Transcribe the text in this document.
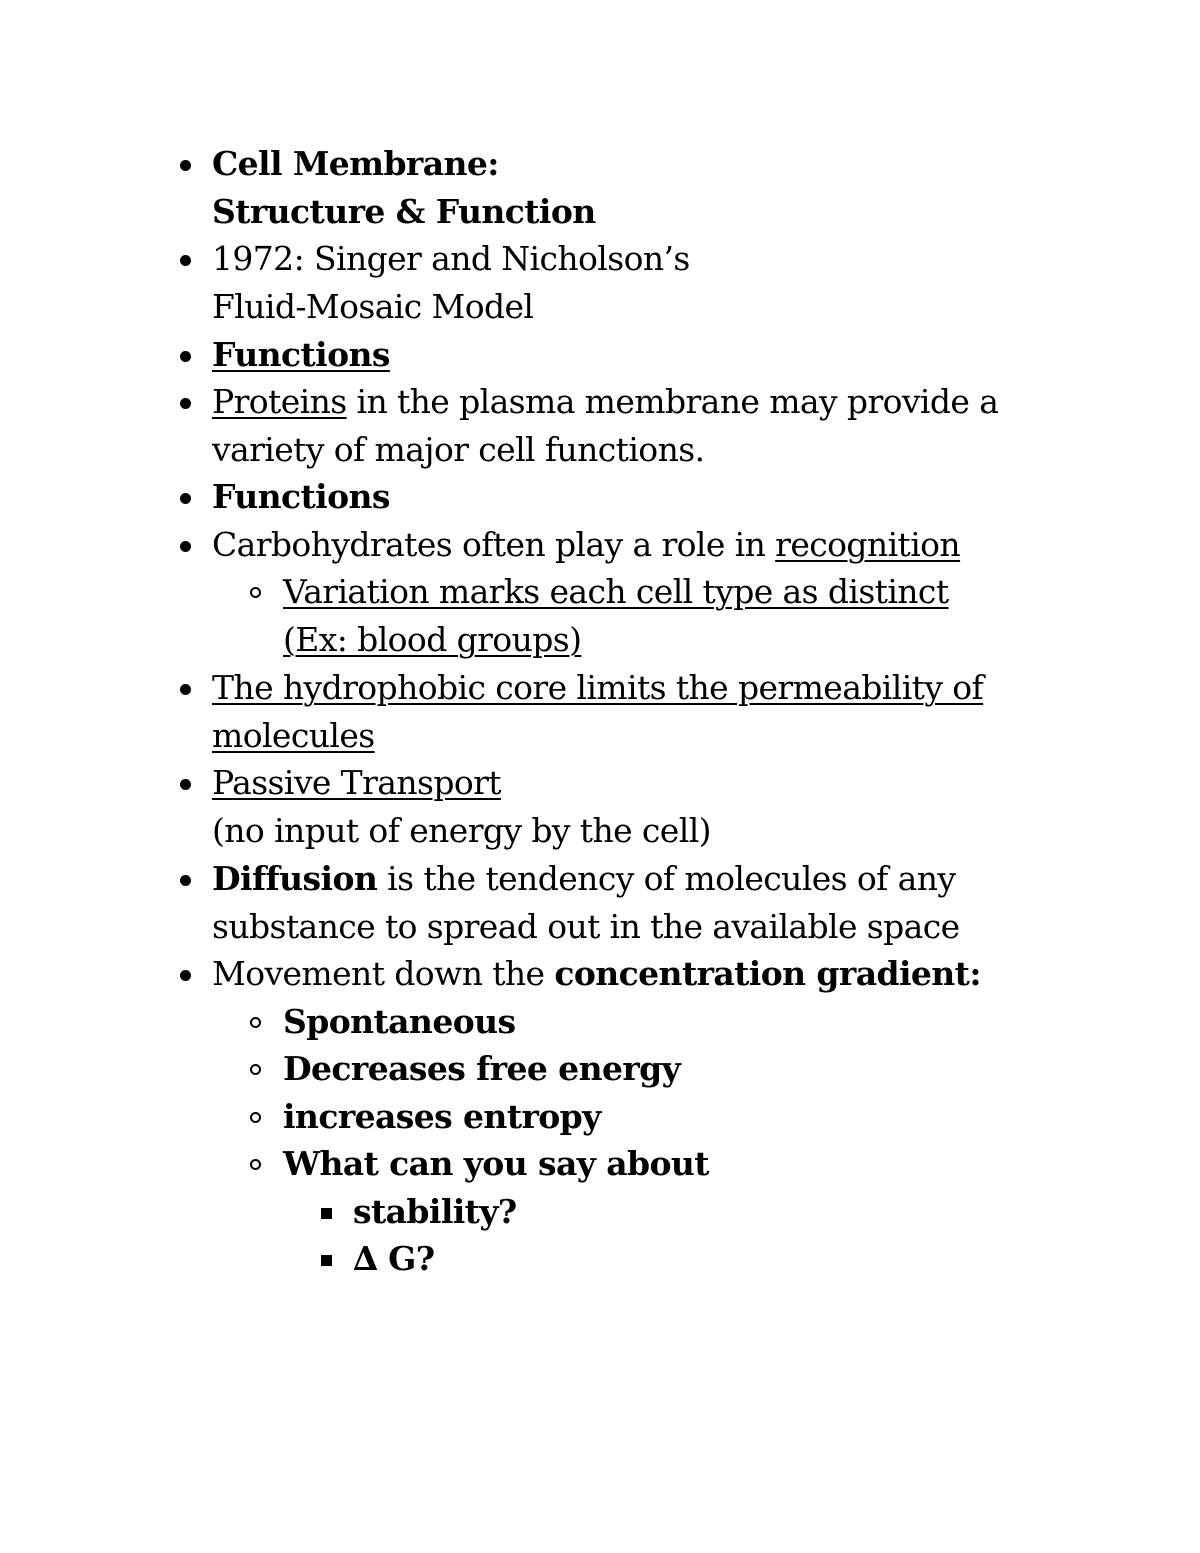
Cell Membrane:
Structure & Function
1972: Singer and Nicholson’s
Fluid-Mosaic Model
Functions
Proteins in the plasma membrane may provide a
variety of major cell functions.
Functions
Carbohydrates often play a role in recognition
Variation marks each cell type as distinct
(Ex: blood groups)
The hydrophobic core limits the permeability of
molecules
Passive Transport
(no input of energy by the cell)
Diffusion is the tendency of molecules of any
substance to spread out in the available space
Movement down the concentration gradient:
Spontaneous
Decreases free energy
increases entropy
What can you say about
stability?
∆ G?
